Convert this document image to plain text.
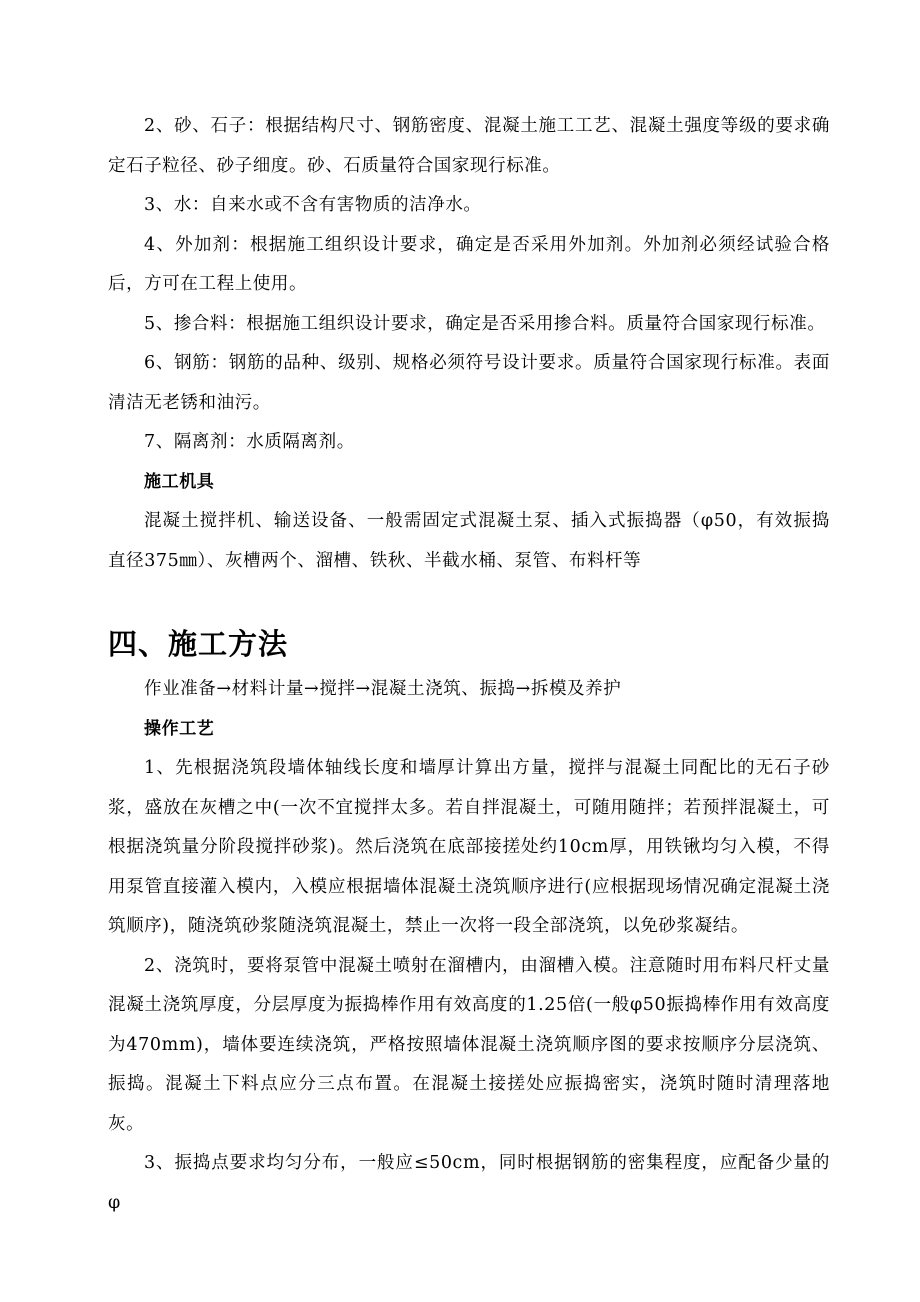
2、砂、石子：根据结构尺寸、钢筋密度、混凝土施工工艺、混凝土强度等级的要求确定石子粒径、砂子细度。砂、石质量符合国家现行标准。

3、水：自来水或不含有害物质的洁净水。

4、外加剂：根据施工组织设计要求，确定是否采用外加剂。外加剂必须经试验合格后，方可在工程上使用。

5、掺合料：根据施工组织设计要求，确定是否采用掺合料。质量符合国家现行标准。

6、钢筋：钢筋的品种、级别、规格必须符号设计要求。质量符合国家现行标准。表面清洁无老锈和油污。

7、隔离剂：水质隔离剂。

施工机具

混凝土搅拌机、输送设备、一般需固定式混凝土泵、插入式振捣器（φ50，有效振捣直径375㎜）、灰槽两个、溜槽、铁秋、半截水桶、泵管、布料杆等

四、施工方法

作业准备→材料计量→搅拌→混凝土浇筑、振捣→拆模及养护

操作工艺

1、先根据浇筑段墙体轴线长度和墙厚计算出方量，搅拌与混凝土同配比的无石子砂浆，盛放在灰槽之中(一次不宜搅拌太多。若自拌混凝土，可随用随拌；若预拌混凝土，可根据浇筑量分阶段搅拌砂浆)。然后浇筑在底部接搓处约10cm厚，用铁锹均匀入模，不得用泵管直接灌入模内，入模应根据墙体混凝土浇筑顺序进行(应根据现场情况确定混凝土浇筑顺序)，随浇筑砂浆随浇筑混凝土，禁止一次将一段全部浇筑，以免砂浆凝结。

2、浇筑时，要将泵管中混凝土喷射在溜槽内，由溜槽入模。注意随时用布料尺杆丈量混凝土浇筑厚度，分层厚度为振捣棒作用有效高度的1.25倍(一般φ50振捣棒作用有效高度为470mm)，墙体要连续浇筑，严格按照墙体混凝土浇筑顺序图的要求按顺序分层浇筑、振捣。混凝土下料点应分三点布置。在混凝土接搓处应振捣密实，浇筑时随时清理落地灰。

3、振捣点要求均匀分布，一般应≤50cm，同时根据钢筋的密集程度，应配备少量的φ
